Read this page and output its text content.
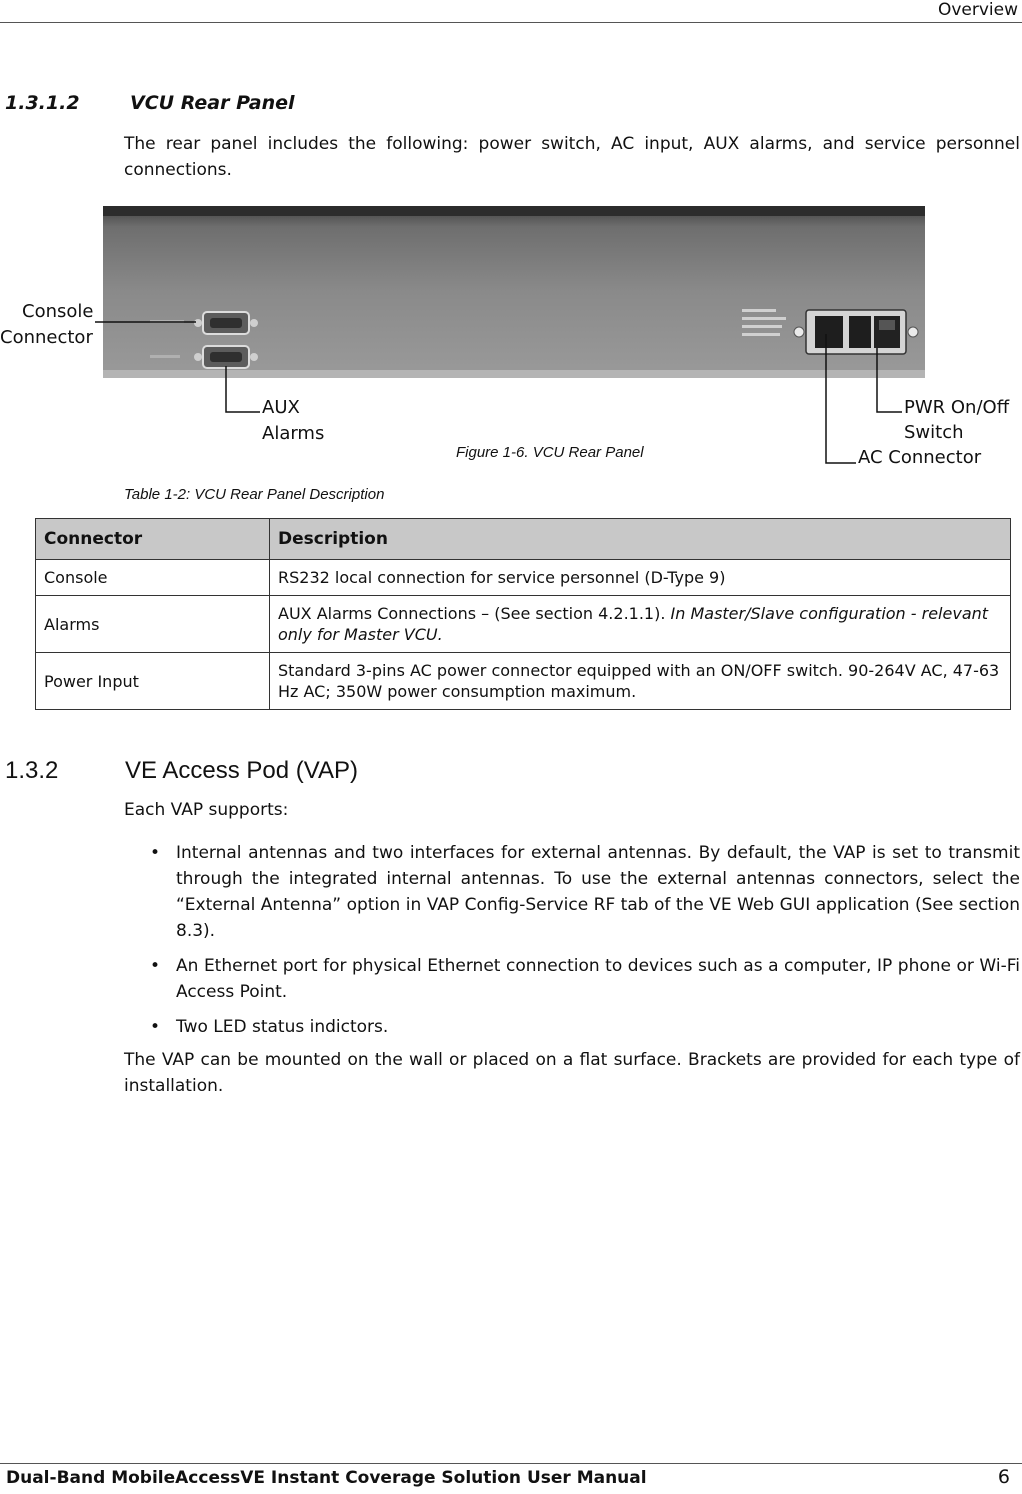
Overview
1.3.1.2	VCU Rear Panel
The rear panel includes the following: power switch, AC input, AUX alarms, and service personnel connections.
Console
Connector
AUX
Alarms
PWR On/Off
Switch
AC Connector
Figure 1-6. VCU Rear Panel
Table 1-2: VCU Rear Panel Description
Connector	Description
Console	RS232 local connection for service personnel (D-Type 9)
Alarms	AUX Alarms Connections – (See section 4.2.1.1). In Master/Slave configuration - relevant only for Master VCU.
Power Input	Standard 3-pins AC power connector equipped with an ON/OFF switch. 90-264V AC, 47-63 Hz AC; 350W power consumption maximum.
1.3.2	VE Access Pod (VAP)
Each VAP supports:
• Internal antennas and two interfaces for external antennas. By default, the VAP is set to transmit through the integrated internal antennas. To use the external antennas connectors, select the “External Antenna” option in VAP Config-Service RF tab of the VE Web GUI application (See section 8.3).
• An Ethernet port for physical Ethernet connection to devices such as a computer, IP phone or Wi-Fi Access Point.
• Two LED status indictors.
The VAP can be mounted on the wall or placed on a flat surface. Brackets are provided for each type of installation.
Dual-Band MobileAccessVE Instant Coverage Solution User Manual	6
